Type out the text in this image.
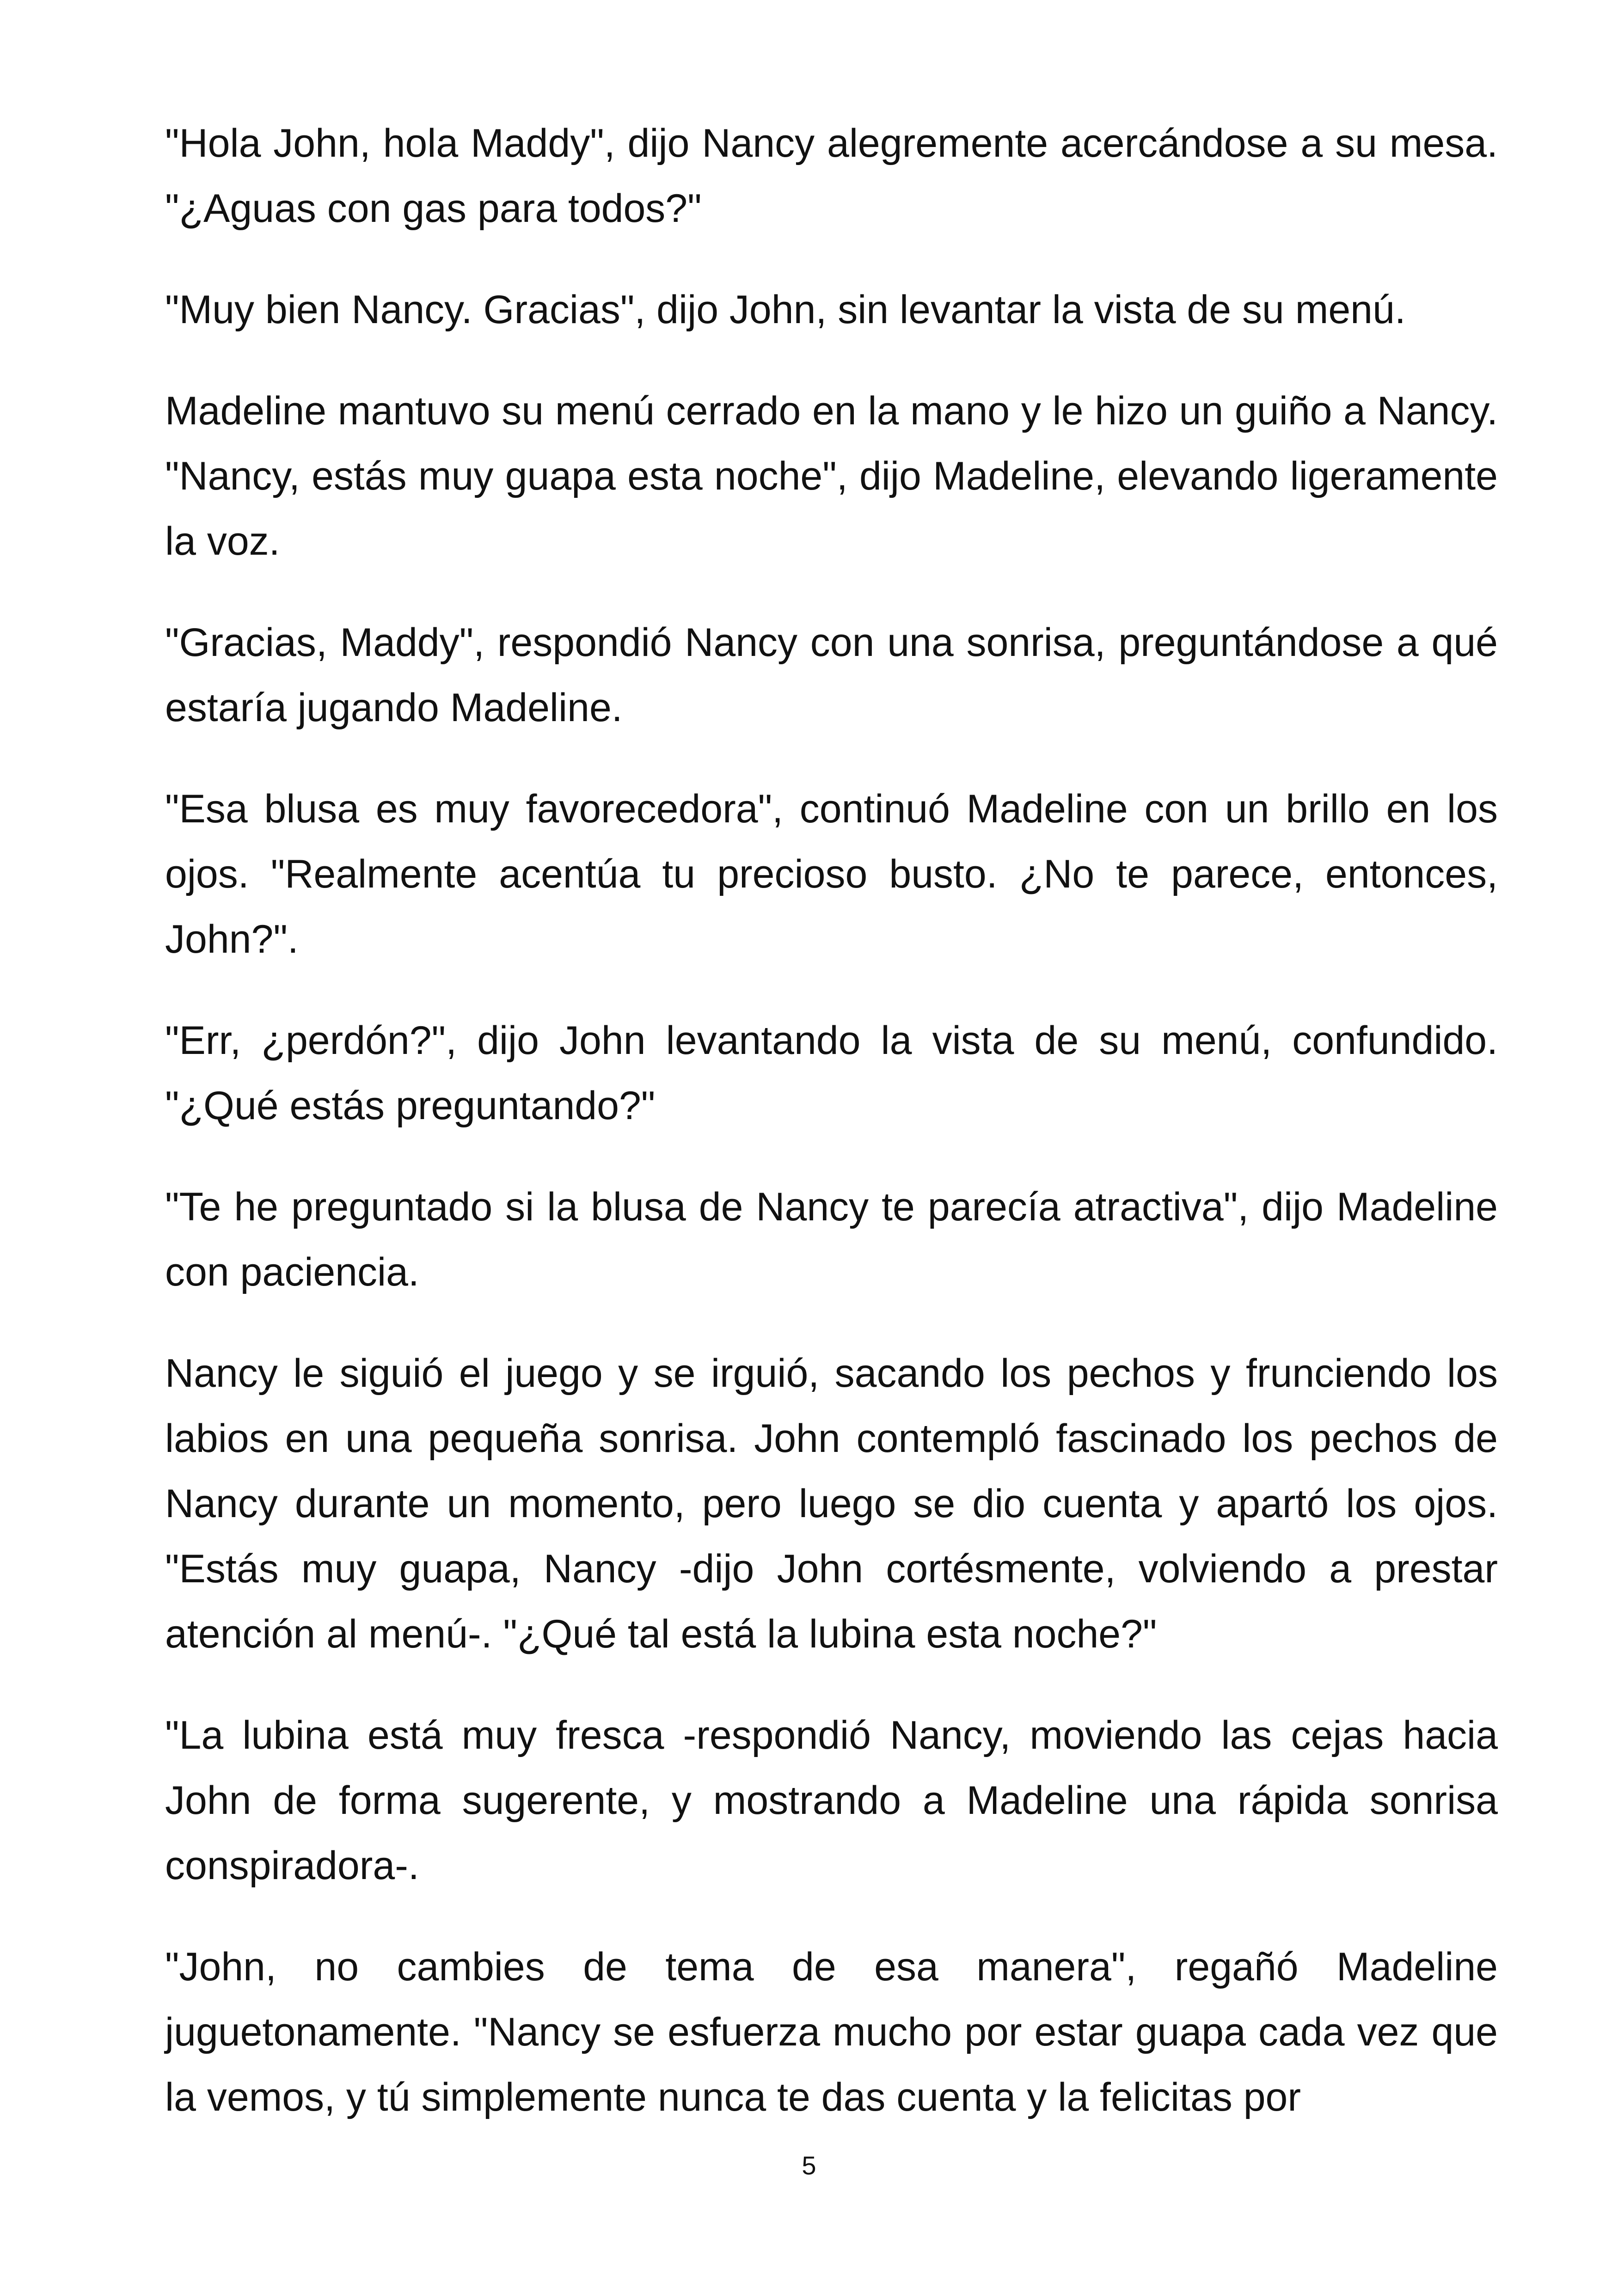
"Hola John, hola Maddy", dijo Nancy alegremente acercándose a su mesa. "¿Aguas con gas para todos?"

"Muy bien Nancy. Gracias", dijo John, sin levantar la vista de su menú.

Madeline mantuvo su menú cerrado en la mano y le hizo un guiño a Nancy. "Nancy, estás muy guapa esta noche", dijo Madeline, elevando ligeramente la voz.

"Gracias, Maddy", respondió Nancy con una sonrisa, preguntándose a qué estaría jugando Madeline.

"Esa blusa es muy favorecedora", continuó Madeline con un brillo en los ojos. "Realmente acentúa tu precioso busto. ¿No te parece, entonces, John?".

"Err, ¿perdón?", dijo John levantando la vista de su menú, confundido. "¿Qué estás preguntando?"

"Te he preguntado si la blusa de Nancy te parecía atractiva", dijo Madeline con paciencia.

Nancy le siguió el juego y se irguió, sacando los pechos y frunciendo los labios en una pequeña sonrisa. John contempló fascinado los pechos de Nancy durante un momento, pero luego se dio cuenta y apartó los ojos. "Estás muy guapa, Nancy -dijo John cortésmente, volviendo a prestar atención al menú-. "¿Qué tal está la lubina esta noche?"

"La lubina está muy fresca -respondió Nancy, moviendo las cejas hacia John de forma sugerente, y mostrando a Madeline una rápida sonrisa conspiradora-.

"John, no cambies de tema de esa manera", regañó Madeline juguetonamente. "Nancy se esfuerza mucho por estar guapa cada vez que la vemos, y tú simplemente nunca te das cuenta y la felicitas por

5
